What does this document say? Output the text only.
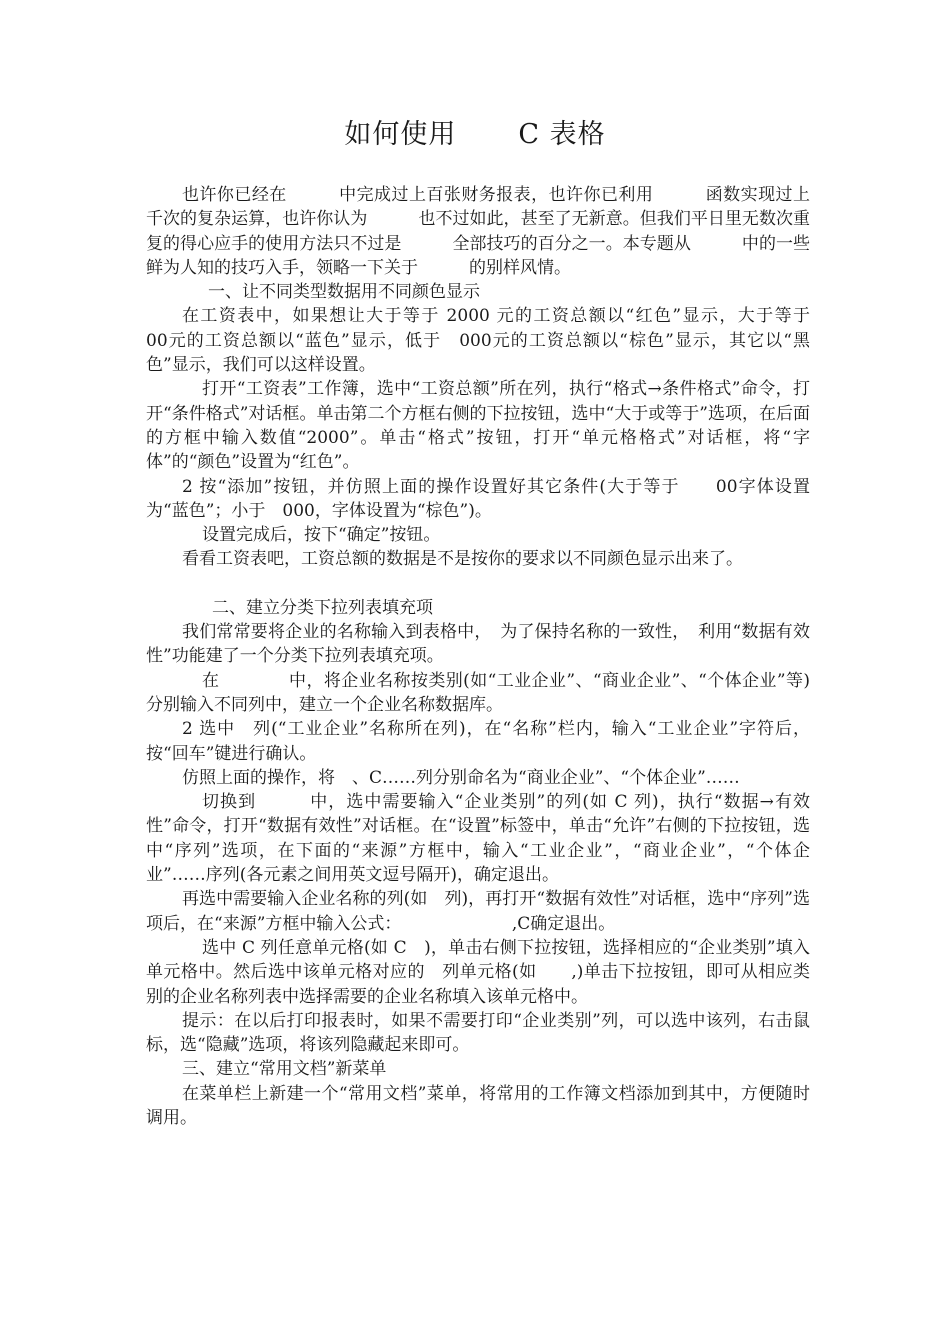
如何使用 C 表格

也许你已经在　　　中完成过上百张财务报表，也许你已利用　　　函数实现过上千次的复杂运算，也许你认为　　　也不过如此，甚至了无新意。但我们平日里无数次重复的得心应手的使用方法只不过是　　　全部技巧的百分之一。本专题从　　　中的一些鲜为人知的技巧入手，领略一下关于　　　的别样风情。

一、让不同类型数据用不同颜色显示

在工资表中，如果想让大于等于 2000 元的工资总额以“红色”显示，大于等于　　00元的工资总额以“蓝色”显示，低于　000元的工资总额以“棕色”显示，其它以“黑色”显示，我们可以这样设置。

打开“工资表”工作簿，选中“工资总额”所在列，执行“格式→条件格式”命令，打开“条件格式”对话框。单击第二个方框右侧的下拉按钮，选中“大于或等于”选项，在后面的方框中输入数值“2000”。单击“格式”按钮，打开“单元格格式”对话框，将“字体”的“颜色”设置为“红色”。

2 按“添加”按钮，并仿照上面的操作设置好其它条件(大于等于　　00字体设置为“蓝色”；小于　000，字体设置为“棕色”)。

设置完成后，按下“确定”按钮。

看看工资表吧，工资总额的数据是不是按你的要求以不同颜色显示出来了。

二、建立分类下拉列表填充项

我们常常要将企业的名称输入到表格中，　为了保持名称的一致性，　利用“数据有效性”功能建了一个分类下拉列表填充项。

在　　　　中，将企业名称按类别(如“工业企业”、“商业企业”、“个体企业”等)分别输入不同列中，建立一个企业名称数据库。

2 选中　列(“工业企业”名称所在列)，在“名称”栏内，输入“工业企业”字符后，按“回车”键进行确认。

仿照上面的操作，将　、C……列分别命名为“商业企业”、“个体企业”……

切换到　　　中，选中需要输入“企业类别”的列(如 C 列)，执行“数据→有效性”命令，打开“数据有效性”对话框。在“设置”标签中，单击“允许”右侧的下拉按钮，选中“序列”选项，在下面的“来源”方框中，输入“工业企业”，“商业企业”，“个体企业”……序列(各元素之间用英文逗号隔开)，确定退出。

再选中需要输入企业名称的列(如　列)，再打开“数据有效性”对话框，选中“序列”选项后，在“来源”方框中输入公式：　　　　　　　,C确定退出。

选中 C 列任意单元格(如 C　)，单击右侧下拉按钮，选择相应的“企业类别”填入单元格中。然后选中该单元格对应的　列单元格(如　　,)单击下拉按钮，即可从相应类别的企业名称列表中选择需要的企业名称填入该单元格中。

提示：在以后打印报表时，如果不需要打印“企业类别”列，可以选中该列，右击鼠标，选“隐藏”选项，将该列隐藏起来即可。

三、建立“常用文档”新菜单

在菜单栏上新建一个“常用文档”菜单，将常用的工作簿文档添加到其中，方便随时调用。
